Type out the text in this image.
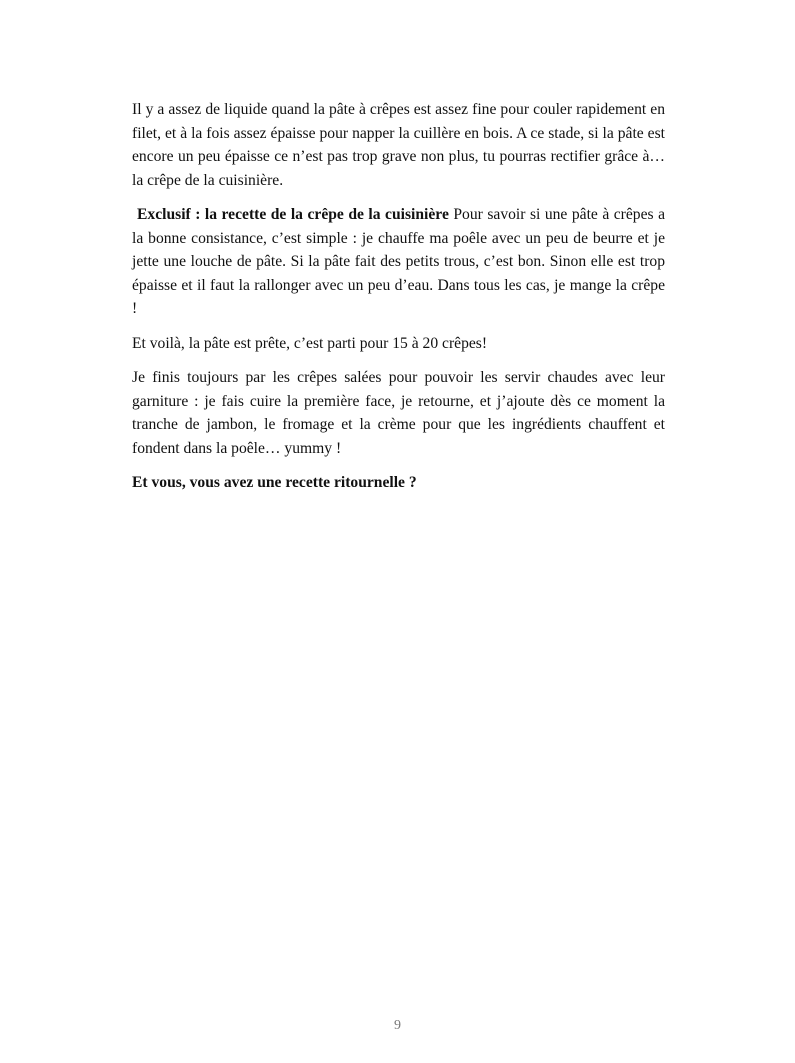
Il y a assez de liquide quand la pâte à crêpes est assez fine pour couler rapidement en filet, et à la fois assez épaisse pour napper la cuillère en bois. A ce stade, si la pâte est encore un peu épaisse ce n’est pas trop grave non plus, tu pourras rectifier grâce à… la crêpe de la cuisinière.

Exclusif : la recette de la crêpe de la cuisinière Pour savoir si une pâte à crêpes a la bonne consistance, c’est simple : je chauffe ma poêle avec un peu de beurre et je jette une louche de pâte. Si la pâte fait des petits trous, c’est bon. Sinon elle est trop épaisse et il faut la rallonger avec un peu d’eau. Dans tous les cas, je mange la crêpe !

Et voilà, la pâte est prête, c’est parti pour 15 à 20 crêpes!

Je finis toujours par les crêpes salées pour pouvoir les servir chaudes avec leur garniture : je fais cuire la première face, je retourne, et j’ajoute dès ce moment la tranche de jambon, le fromage et la crème pour que les ingrédients chauffent et fondent dans la poêle… yummy !

Et vous, vous avez une recette ritournelle ?

9
